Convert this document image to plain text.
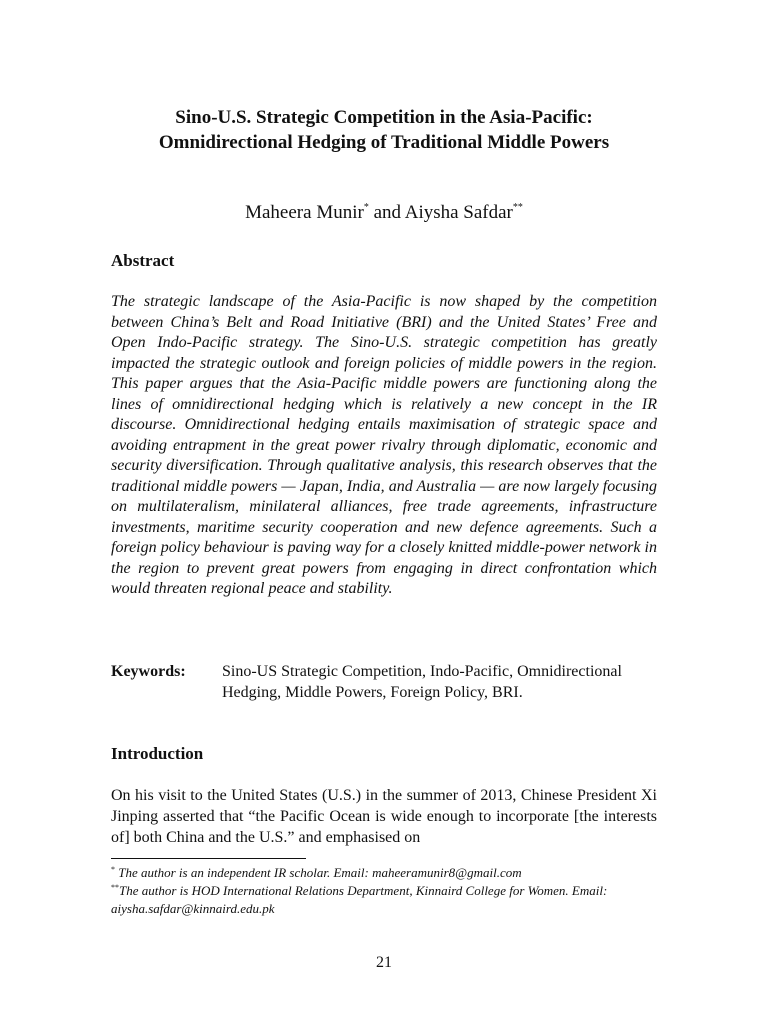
Sino-U.S. Strategic Competition in the Asia-Pacific:
Omnidirectional Hedging of Traditional Middle Powers
Maheera Munir* and Aiysha Safdar**
Abstract
The strategic landscape of the Asia-Pacific is now shaped by the competition between China’s Belt and Road Initiative (BRI) and the United States’ Free and Open Indo-Pacific strategy. The Sino-U.S. strategic competition has greatly impacted the strategic outlook and foreign policies of middle powers in the region. This paper argues that the Asia-Pacific middle powers are functioning along the lines of omnidirectional hedging which is relatively a new concept in the IR discourse. Omnidirectional hedging entails maximisation of strategic space and avoiding entrapment in the great power rivalry through diplomatic, economic and security diversification. Through qualitative analysis, this research observes that the traditional middle powers — Japan, India, and Australia — are now largely focusing on multilateralism, minilateral alliances, free trade agreements, infrastructure investments, maritime security cooperation and new defence agreements. Such a foreign policy behaviour is paving way for a closely knitted middle-power network in the region to prevent great powers from engaging in direct confrontation which would threaten regional peace and stability.
Keywords:	Sino-US Strategic Competition, Indo-Pacific, Omnidirectional Hedging, Middle Powers, Foreign Policy, BRI.
Introduction
On his visit to the United States (U.S.) in the summer of 2013, Chinese President Xi Jinping asserted that “the Pacific Ocean is wide enough to incorporate [the interests of] both China and the U.S.” and emphasised on
* The author is an independent IR scholar. Email: maheeramunir8@gmail.com
**The author is HOD International Relations Department, Kinnaird College for Women. Email: aiysha.safdar@kinnaird.edu.pk
21
